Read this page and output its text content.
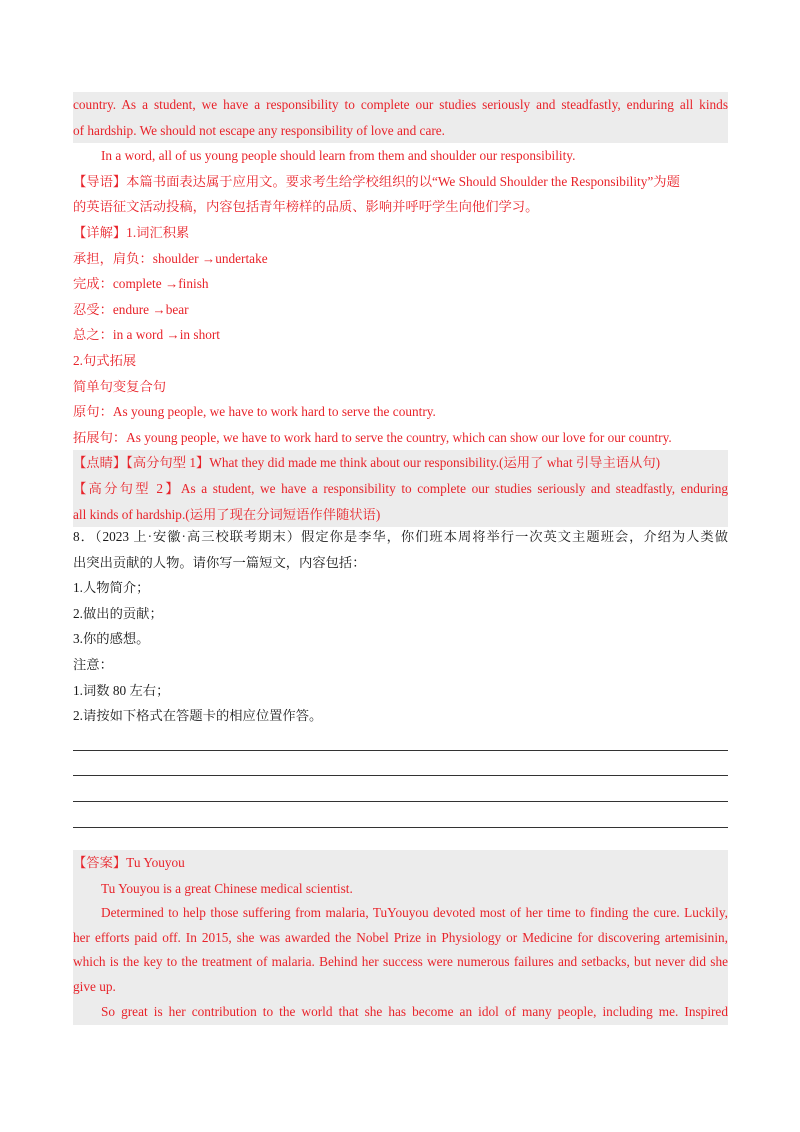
country. As a student, we have a responsibility to complete our studies seriously and steadfastly, enduring all kinds
of hardship. We should not escape any responsibility of love and care.
In a word, all of us young people should learn from them and shoulder our responsibility.
【导语】本篇书面表达属于应用文。要求考生给学校组织的以“We Should Shoulder the Responsibility”为题
的英语征文活动投稿，内容包括青年榜样的品质、影响并呼吁学生向他们学习。
【详解】1.词汇积累
承担，肩负：shoulder →undertake
完成：complete →finish
忍受：endure →bear
总之：in a word →in short
2.句式拓展
简单句变复合句
原句：As young people, we have to work hard to serve the country.
拓展句：As young people, we have to work hard to serve the country, which can show our love for our country.
【点睛】【高分句型 1】What they did made me think about our responsibility.(运用了 what 引导主语从句)
【高分句型 2】As a student, we have a responsibility to complete our studies seriously and steadfastly, enduring
all kinds of hardship.(运用了现在分词短语作伴随状语)
8．（2023 上·安徽·高三校联考期末）假定你是李华，你们班本周将举行一次英文主题班会，介绍为人类做
出突出贡献的人物。请你写一篇短文，内容包括：
1.人物简介；
2.做出的贡献；
3.你的感想。
注意：
1.词数 80 左右；
2.请按如下格式在答题卡的相应位置作答。
【答案】Tu Youyou
Tu Youyou is a great Chinese medical scientist.
Determined to help those suffering from malaria, TuYouyou devoted most of her time to finding the cure. Luckily, her efforts paid off. In 2015, she was awarded the Nobel Prize in Physiology or Medicine for discovering artemisinin, which is the key to the treatment of malaria. Behind her success were numerous failures and setbacks, but never did she give up.
So great is her contribution to the world that she has become an idol of many people, including me. Inspired
